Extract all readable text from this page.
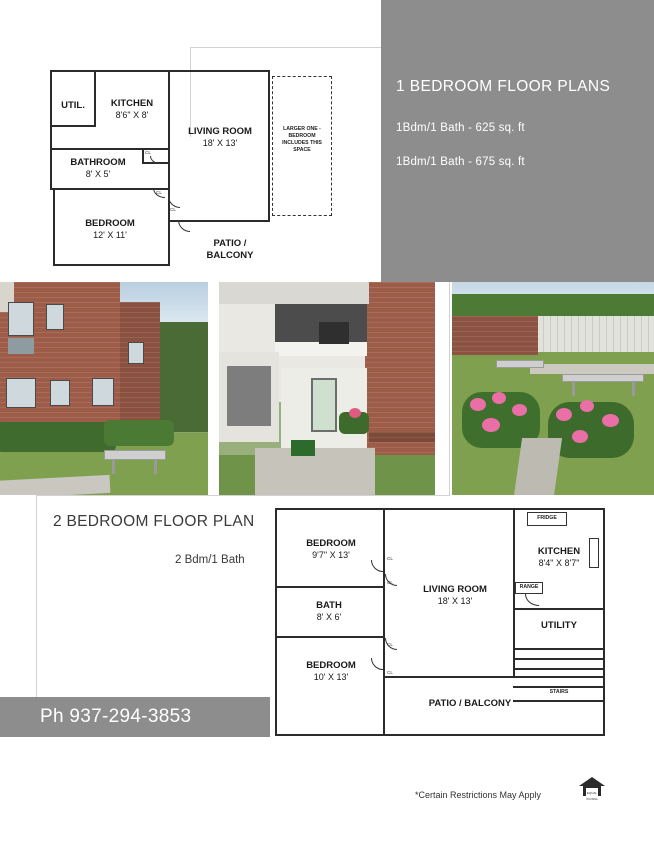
1 BEDROOM FLOOR PLANS
1Bdm/1 Bath - 625 sq. ft
1Bdm/1 Bath - 675 sq. ft
LARGER ONE -BEDROOM INCLUDES THIS SPACE
UTIL.	KITCHEN
8'6" X 8'
LIVING ROOM
18' X 13'
BATHROOM
8' X 5'
BEDROOM
12' X 11'
PATIO /
BALCONY
CL
CL
CL
2 BEDROOM FLOOR PLAN
2 Bdm/1 Bath
FRIDGE
RANGE
STAIRS
BEDROOM
9'7" X 13'
BATH
8' X 6'
BEDROOM
10' X 13'
LIVING ROOM
18' X 13'
KITCHEN
8'4" X 8'7"
UTILITY
PATIO / BALCONY
CL
CL
CL
CL
Ph 937-294-3853
*Certain Restrictions May Apply	EQUAL
HOUSING
